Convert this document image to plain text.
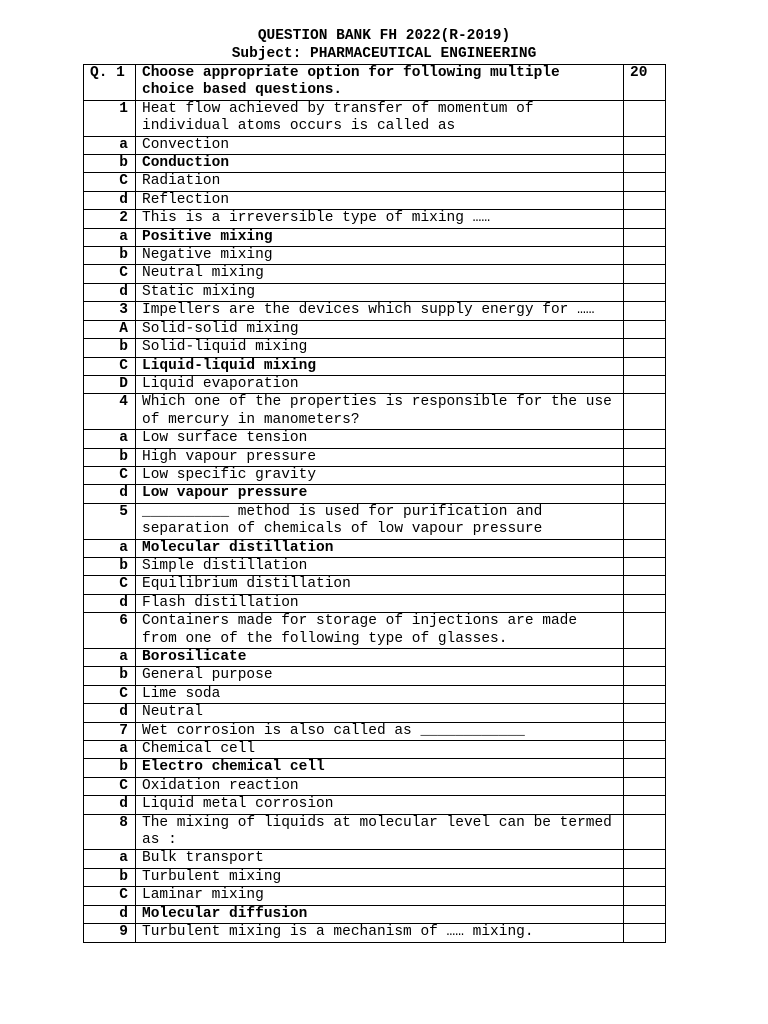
QUESTION BANK FH 2022(R-2019)
Subject: PHARMACEUTICAL ENGINEERING
Q. 1	Choose appropriate option for following multiple choice based questions.	20
1	Heat flow achieved by transfer of momentum of individual atoms occurs is called as	
a	Convection	
b	Conduction	
C	Radiation	
d	Reflection	
2	This is a irreversible type of mixing ……	
a	Positive mixing	
b	Negative mixing	
C	Neutral mixing	
d	Static mixing	
3	Impellers are the devices which supply energy for ……	
A	Solid-solid mixing	
b	Solid-liquid mixing	
C	Liquid-liquid mixing	
D	Liquid evaporation	
4	Which one of the properties is responsible for the use of mercury in manometers?	
a	Low surface tension	
b	High vapour pressure	
C	Low specific gravity	
d	Low vapour pressure	
5	__________ method is used for purification and separation of chemicals of low vapour pressure	
a	Molecular distillation	
b	Simple distillation	
C	Equilibrium distillation	
d	Flash distillation	
6	Containers made for storage of injections are made from one of the following type of glasses.	
a	Borosilicate	
b	General purpose	
C	Lime soda	
d	Neutral	
7	Wet corrosion is also called as ____________	
a	Chemical cell	
b	Electro chemical cell	
C	Oxidation reaction	
d	Liquid metal corrosion	
8	The mixing of liquids at molecular level can be termed as :	
a	Bulk transport	
b	Turbulent mixing	
C	Laminar mixing	
d	Molecular diffusion	
9	Turbulent mixing is a mechanism of …… mixing.	
